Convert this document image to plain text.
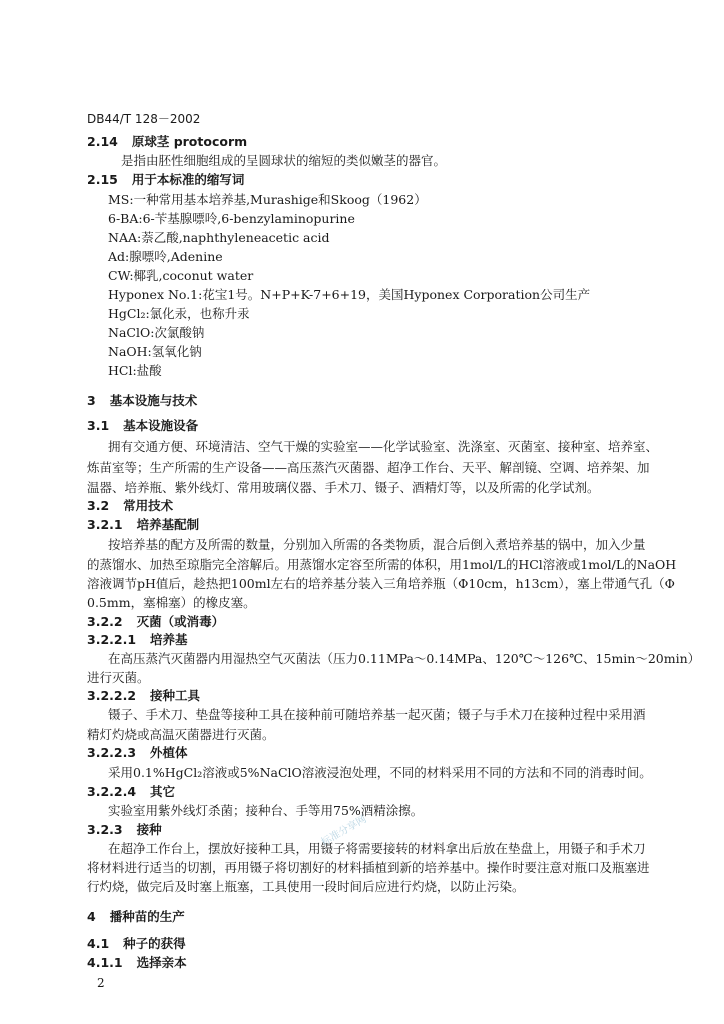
DB44/T 128－2002
2.14 原球茎 protocorm
是指由胚性细胞组成的呈圆球状的缩短的类似嫩茎的器官。
2.15 用于本标准的缩写词
MS:一种常用基本培养基,Murashige和Skoog（1962）
6-BA:6-苄基腺嘌呤,6-benzylaminopurine
NAA:萘乙酸,naphthyleneacetic acid
Ad:腺嘌呤,Adenine
CW:椰乳,coconut water
Hyponex No.1:花宝1号。N+P+K-7+6+19，美国Hyponex Corporation公司生产
HgCl₂:氯化汞，也称升汞
NaClO:次氯酸钠
NaOH:氢氧化钠
HCl:盐酸
3 基本设施与技术
3.1 基本设施设备
拥有交通方便、环境清洁、空气干燥的实验室——化学试验室、洗涤室、灭菌室、接种室、培养室、
炼苗室等；生产所需的生产设备——高压蒸汽灭菌器、超净工作台、天平、解剖镜、空调、培养架、加
温器、培养瓶、紫外线灯、常用玻璃仪器、手术刀、镊子、酒精灯等，以及所需的化学试剂。
3.2 常用技术
3.2.1 培养基配制
按培养基的配方及所需的数量，分别加入所需的各类物质，混合后倒入煮培养基的锅中，加入少量
的蒸馏水、加热至琼脂完全溶解后。用蒸馏水定容至所需的体积，用1mol/L的HCl溶液或1mol/L的NaOH
溶液调节pH值后，趁热把100ml左右的培养基分装入三角培养瓶（Φ10cm，h13cm），塞上带通气孔（Φ
0.5mm，塞棉塞）的橡皮塞。
3.2.2 灭菌（或消毒）
3.2.2.1 培养基
在高压蒸汽灭菌器内用湿热空气灭菌法（压力0.11MPa～0.14MPa、120℃～126℃、15min～20min）
进行灭菌。
3.2.2.2 接种工具
镊子、手术刀、垫盘等接种工具在接种前可随培养基一起灭菌；镊子与手术刀在接种过程中采用酒
精灯灼烧或高温灭菌器进行灭菌。
3.2.2.3 外植体
采用0.1%HgCl₂溶液或5%NaClO溶液浸泡处理，不同的材料采用不同的方法和不同的消毒时间。
3.2.2.4 其它
实验室用紫外线灯杀菌；接种台、手等用75%酒精涂擦。
3.2.3 接种
在超净工作台上，摆放好接种工具，用镊子将需要接转的材料拿出后放在垫盘上，用镊子和手术刀
将材料进行适当的切割，再用镊子将切割好的材料插植到新的培养基中。操作时要注意对瓶口及瓶塞进
行灼烧，做完后及时塞上瓶塞，工具使用一段时间后应进行灼烧，以防止污染。
4 播种苗的生产
4.1 种子的获得
4.1.1 选择亲本
2
标准分享网
